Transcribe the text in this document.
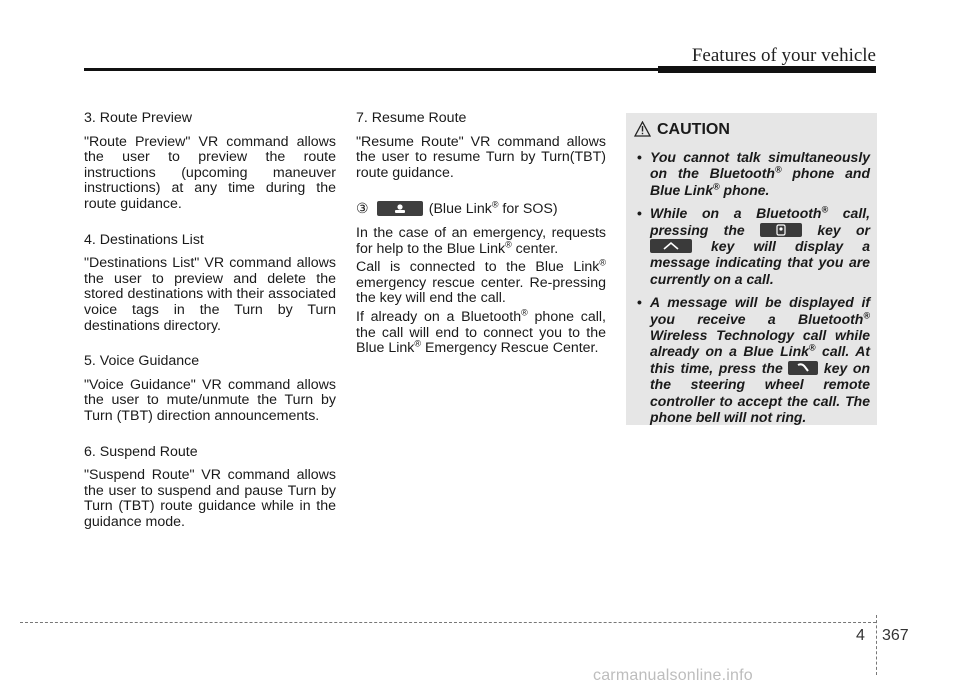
Features of your vehicle

3. Route Preview

"Route Preview" VR command allows the user to preview the route instructions (upcoming maneuver instructions) at any time during the route guidance.

4. Destinations List

"Destinations List" VR command allows the user to preview and delete the stored destinations with their associated voice tags in the Turn by Turn destinations directory.

5. Voice Guidance

"Voice Guidance" VR command allows the user to mute/unmute the Turn by Turn (TBT) direction announcements.

6. Suspend Route

"Suspend Route" VR command allows the user to suspend and pause Turn by Turn (TBT) route guidance while in the guidance mode.

7. Resume Route

"Resume Route" VR command allows the user to resume Turn by Turn(TBT) route guidance.

③	(Blue Link® for SOS)

In the case of an emergency, requests for help to the Blue Link® center.

Call is connected to the Blue Link® emergency rescue center. Re-pressing the key will end the call.

If already on a Bluetooth® phone call, the call will end to connect you to the Blue Link® Emergency Rescue Center.

CAUTION
• You cannot talk simultaneously on the Bluetooth® phone and Blue Link® phone.
• While on a Bluetooth® call, pressing the	key or
key will display a message indicating that you are currently on a call.
• A message will be displayed if you receive a Bluetooth® Wireless Technology call while already on a Blue Link® call. At this time, press the
key on the steering wheel remote controller to accept the call. The phone bell will not ring.
4 367
carmanualsonline.info
